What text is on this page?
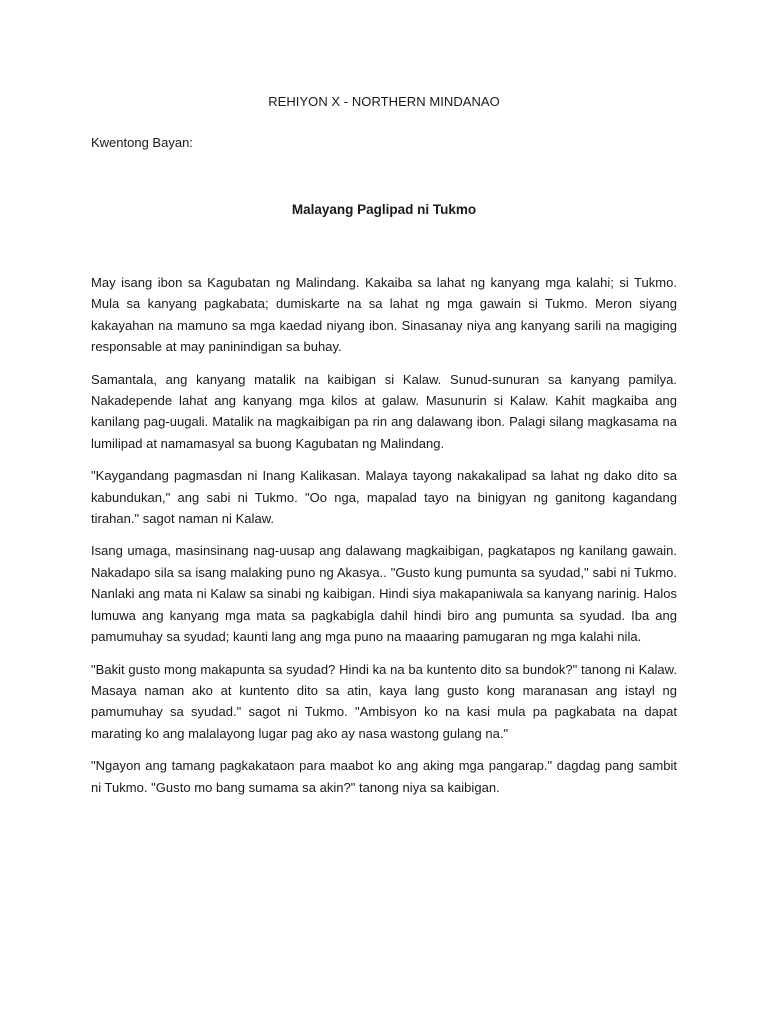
REHIYON X - NORTHERN MINDANAO

Kwentong Bayan:

Malayang Paglipad ni Tukmo

May isang ibon sa Kagubatan ng Malindang. Kakaiba sa lahat ng kanyang mga kalahi; si Tukmo. Mula sa kanyang pagkabata; dumiskarte na sa lahat ng mga gawain si Tukmo. Meron siyang kakayahan na mamuno sa mga kaedad niyang ibon. Sinasanay niya ang kanyang sarili na magiging responsable at may paninindigan sa buhay.

Samantala, ang kanyang matalik na kaibigan si Kalaw. Sunud-sunuran sa kanyang pamilya. Nakadepende lahat ang kanyang mga kilos at galaw. Masunurin si Kalaw. Kahit magkaiba ang kanilang pag-uugali. Matalik na magkaibigan pa rin ang dalawang ibon. Palagi silang magkasama na lumilipad at namamasyal sa buong Kagubatan ng Malindang.

"Kaygandang pagmasdan ni Inang Kalikasan. Malaya tayong nakakalipad sa lahat ng dako dito sa kabundukan," ang sabi ni Tukmo. "Oo nga, mapalad tayo na binigyan ng ganitong kagandang tirahan." sagot naman ni Kalaw.

Isang umaga, masinsinang nag-uusap ang dalawang magkaibigan, pagkatapos ng kanilang gawain. Nakadapo sila sa isang malaking puno ng Akasya.. "Gusto kung pumunta sa syudad," sabi ni Tukmo. Nanlaki ang mata ni Kalaw sa sinabi ng kaibigan. Hindi siya makapaniwala sa kanyang narinig. Halos lumuwa ang kanyang mga mata sa pagkabigla dahil hindi biro ang pumunta sa syudad. Iba ang pamumuhay sa syudad; kaunti lang ang mga puno na maaaring pamugaran ng mga kalahi nila.

"Bakit gusto mong makapunta sa syudad? Hindi ka na ba kuntento dito sa bundok?" tanong ni Kalaw. Masaya naman ako at kuntento dito sa atin, kaya lang gusto kong maranasan ang istayl ng pamumuhay sa syudad." sagot ni Tukmo. "Ambisyon ko na kasi mula pa pagkabata na dapat marating ko ang malalayong lugar pag ako ay nasa wastong gulang na."

"Ngayon ang tamang pagkakataon para maabot ko ang aking mga pangarap." dagdag pang sambit ni Tukmo. "Gusto mo bang sumama sa akin?" tanong niya sa kaibigan.
